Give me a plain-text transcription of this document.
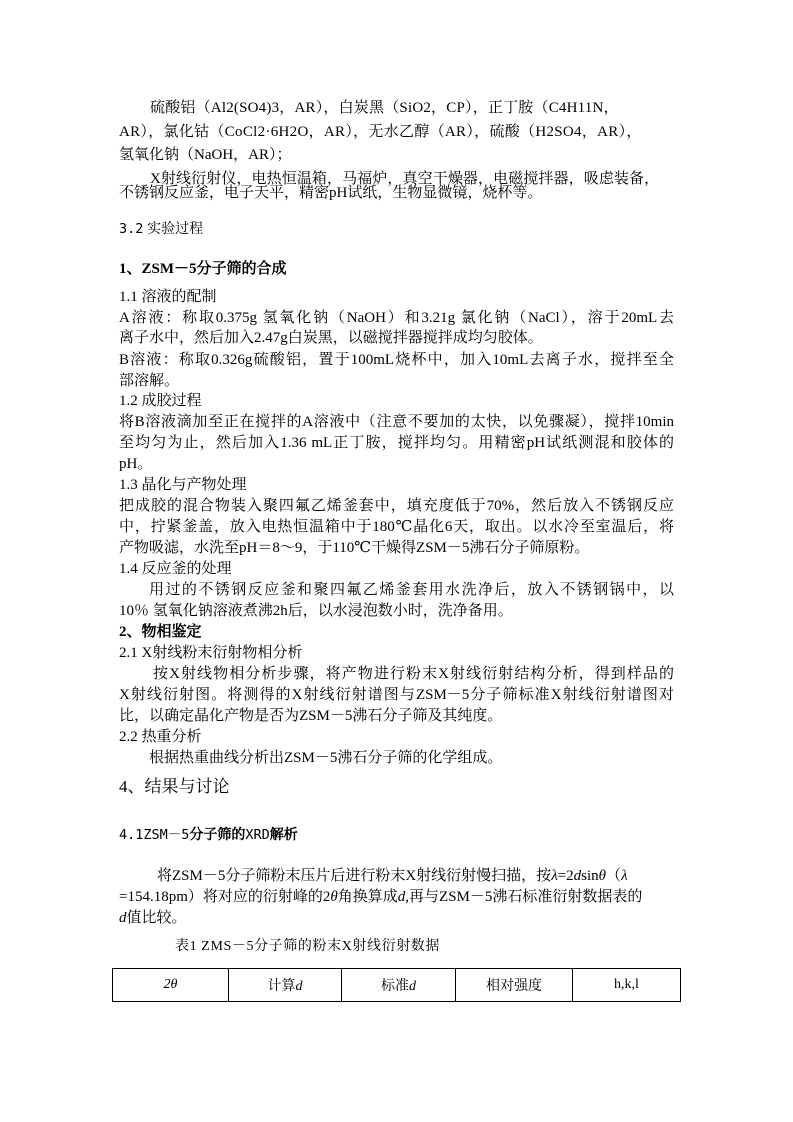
硫酸铝（Al2(SO4)3，AR），白炭黑（SiO2，CP），正丁胺（C4H11N，
AR），氯化钴（CoCl2·6H2O，AR），无水乙醇（AR），硫酸（H2SO4，AR），
氢氧化钠（NaOH，AR）；
X射线衍射仪，电热恒温箱，马福炉，真空干燥器，电磁搅拌器，吸虑装备，
不锈钢反应釜，电子天平，精密pH试纸，生物显微镜，烧杯等。
3.2 实验过程
1、ZSM－5分子筛的合成
1.1 溶液的配制
A溶液：称取0.375g 氢氧化钠（NaOH）和3.21g 氯化钠（NaCl），溶于20mL去
离子水中，然后加入2.47g白炭黑，以磁搅拌器搅拌成均匀胶体。
B溶液：称取0.326g硫酸铝，置于100mL烧杯中，加入10mL去离子水，搅拌至全
部溶解。
1.2 成胶过程
将B溶液滴加至正在搅拌的A溶液中（注意不要加的太快，以免骤凝），搅拌10min
至均匀为止，然后加入1.36 mL正丁胺，搅拌均匀。用精密pH试纸测混和胶体的
pH。
1.3 晶化与产物处理
把成胶的混合物装入聚四氟乙烯釜套中，填充度低于70%，然后放入不锈钢反应
中，拧紧釜盖，放入电热恒温箱中于180℃晶化6天，取出。以水冷至室温后，将
产物吸滤，水洗至pH＝8～9，于110℃干燥得ZSM－5沸石分子筛原粉。
1.4 反应釜的处理
用过的不锈钢反应釜和聚四氟乙烯釜套用水洗净后，放入不锈钢锅中，以
10％ 氢氧化钠溶液煮沸2h后，以水浸泡数小时，洗净备用。
2、物相鉴定
2.1 X射线粉末衍射物相分析
按X射线物相分析步骤，将产物进行粉末X射线衍射结构分析，得到样品的
X射线衍射图。将测得的X射线衍射谱图与ZSM－5分子筛标准X射线衍射谱图对
比，以确定晶化产物是否为ZSM－5沸石分子筛及其纯度。
2.2 热重分析
根据热重曲线分析出ZSM－5沸石分子筛的化学组成。
4、结果与讨论
4.1ZSM－5分子筛的XRD解析
将ZSM－5分子筛粉末压片后进行粉末X射线衍射慢扫描，按λ=2dsinθ（λ
=154.18pm）将对应的衍射峰的2θ角换算成d,再与ZSM－5沸石标准衍射数据表的
d值比较。
表1 ZMS－5分子筛的粉末X射线衍射数据
2θ	计算d	标准d	相对强度	h,k,l
